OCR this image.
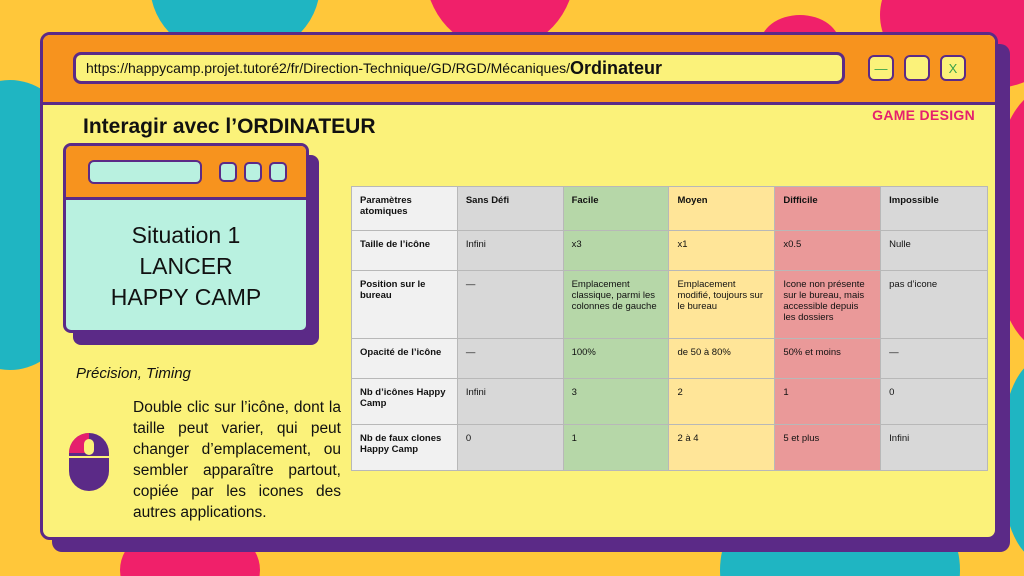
https://happycamp.projet.tutoré2/fr/Direction-Technique/GD/RGD/Mécaniques/ Ordinateur	—	X
GAME DESIGN
Interagir avec l’ORDINATEUR
Situation 1
LANCER
HAPPY CAMP
Précision, Timing
Double clic sur l’icône, dont la taille peut varier, qui peut changer d’emplacement, ou sembler apparaître partout, copiée par les icones des autres applications.
Paramètres atomiques	Sans Défi	Facile	Moyen	Difficile	Impossible
Taille de l’icône	Infini	x3	x1	x0.5	Nulle
Position sur le bureau	—	Emplacement classique, parmi les colonnes de gauche	Emplacement modifié, toujours sur le bureau	Icone non présente sur le bureau, mais accessible depuis les dossiers	pas d’icone
Opacité de l’icône	—	100%	de 50 à 80%	50% et moins	—
Nb d’icônes Happy Camp	Infini	3	2	1	0
Nb de faux clones Happy Camp	0	1	2 à 4	5 et plus	Infini
